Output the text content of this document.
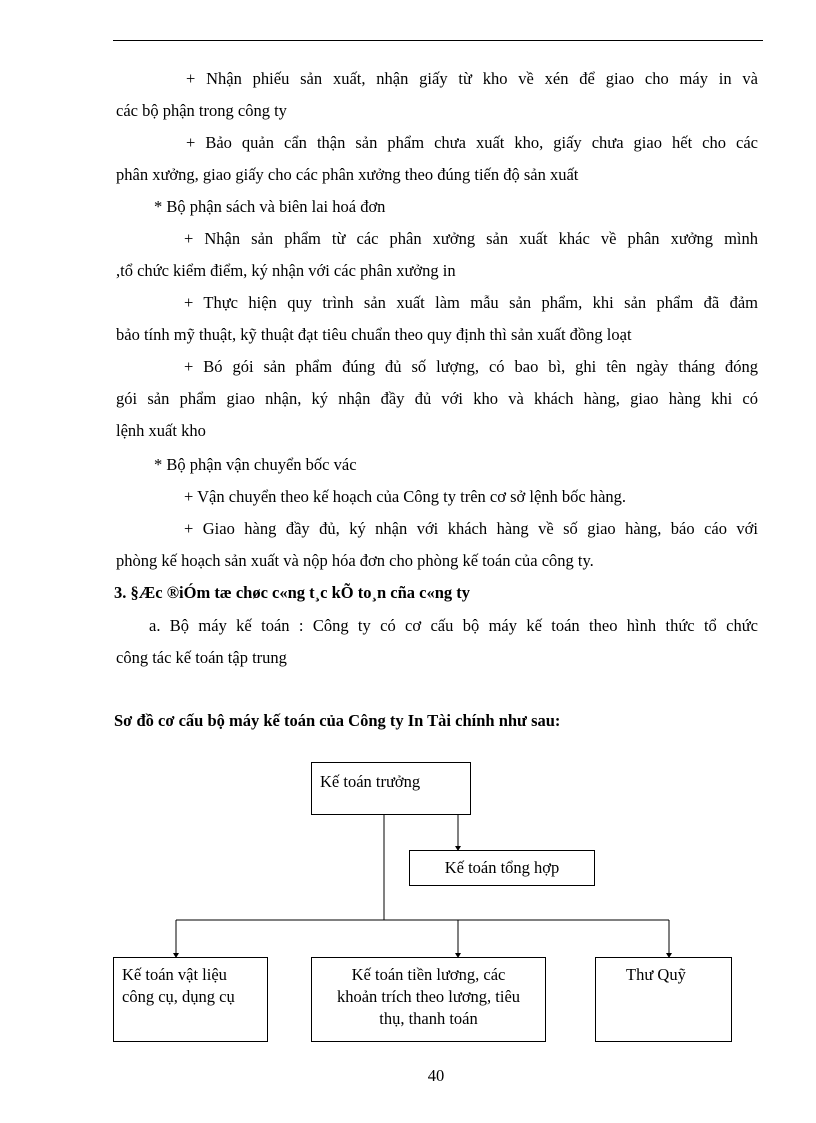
+ Nhận phiếu sản xuất, nhận giấy từ kho về xén để giao cho máy in và
các bộ phận trong công ty
+ Bảo quản cẩn thận sản phẩm chưa xuất kho, giấy chưa giao hết cho các
phân xưởng, giao giấy cho các phân xưởng theo đúng tiến độ sản xuất
* Bộ phận sách và biên lai hoá đơn
+ Nhận sản phẩm từ các phân xưởng sản xuất khác về phân xưởng mình
,tổ chức kiểm điểm, ký nhận với các phân xưởng in
+ Thực hiện quy trình sản xuất làm mẫu sản phẩm, khi sản phẩm đã đảm
bảo tính mỹ thuật, kỹ thuật đạt tiêu chuẩn theo quy định thì sản xuất đồng loạt
+ Bó gói sản phẩm đúng đủ số lượng, có bao bì, ghi tên ngày tháng đóng
gói sản phẩm giao nhận, ký nhận đầy đủ với kho và khách hàng, giao hàng khi có
lệnh xuất kho
* Bộ phận vận chuyển bốc vác
+ Vận chuyển theo kế hoạch của Công ty trên cơ sở lệnh bốc hàng.
+ Giao hàng đầy đủ, ký nhận với khách hàng về số giao hàng, báo cáo với
phòng kế hoạch sản xuất và nộp hóa đơn cho phòng kế toán của công ty.
3. §Æc ®iÓm tæ chøc c«ng t¸c kÕ to¸n cña c«ng ty
a. Bộ máy kế toán : Công ty có cơ cấu bộ máy kế toán theo hình thức tổ chức
công tác kế toán tập trung
Sơ đồ cơ cấu bộ máy kế toán của Công ty In Tài chính như sau:
Kế toán trưởng
Kế toán tổng hợp
Kế toán vật liệu
công cụ, dụng cụ
Kế toán tiền lương, các
khoản trích theo lương, tiêu
thụ, thanh toán
Thư Quỹ
40
